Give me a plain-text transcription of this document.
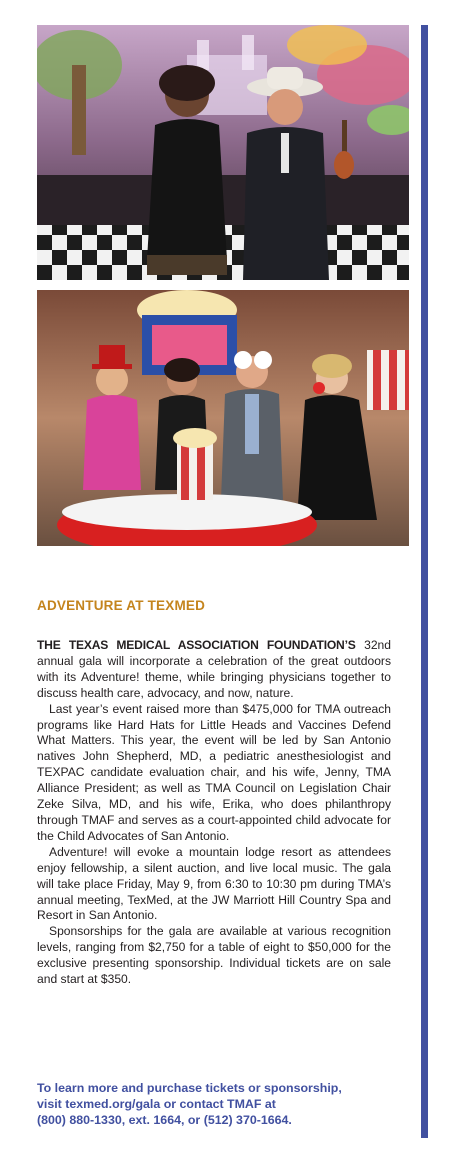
ADVENTURE AT TEXMED

THE TEXAS MEDICAL ASSOCIATION FOUNDATION’S 32nd annual gala will incorporate a celebration of the great outdoors with its Adventure! theme, while bringing physicians together to discuss health care, advocacy, and now, nature.

Last year’s event raised more than $475,000 for TMA outreach programs like Hard Hats for Little Heads and Vaccines Defend What Matters. This year, the event will be led by San Antonio natives John Shepherd, MD, a pediatric anesthesiologist and TEXPAC candidate evaluation chair, and his wife, Jenny, TMA Alliance President; as well as TMA Council on Legislation Chair Zeke Silva, MD, and his wife, Erika, who does philanthropy through TMAF and serves as a court-appointed child advocate for the Child Advocates of San Antonio.

Adventure! will evoke a mountain lodge resort as attendees enjoy fellowship, a silent auction, and live local music. The gala will take place Friday, May 9, from 6:30 to 10:30 pm during TMA’s annual meeting, TexMed, at the JW Marriott Hill Country Spa and Resort in San Antonio.

Sponsorships for the gala are available at various recognition levels, ranging from $2,750 for a table of eight to $50,000 for the exclusive presenting sponsorship. Individual tickets are on sale and start at $350.

To learn more and purchase tickets or sponsorship,
visit texmed.org/gala or contact TMAF at
(800) 880-1330, ext. 1664, or (512) 370-1664.
